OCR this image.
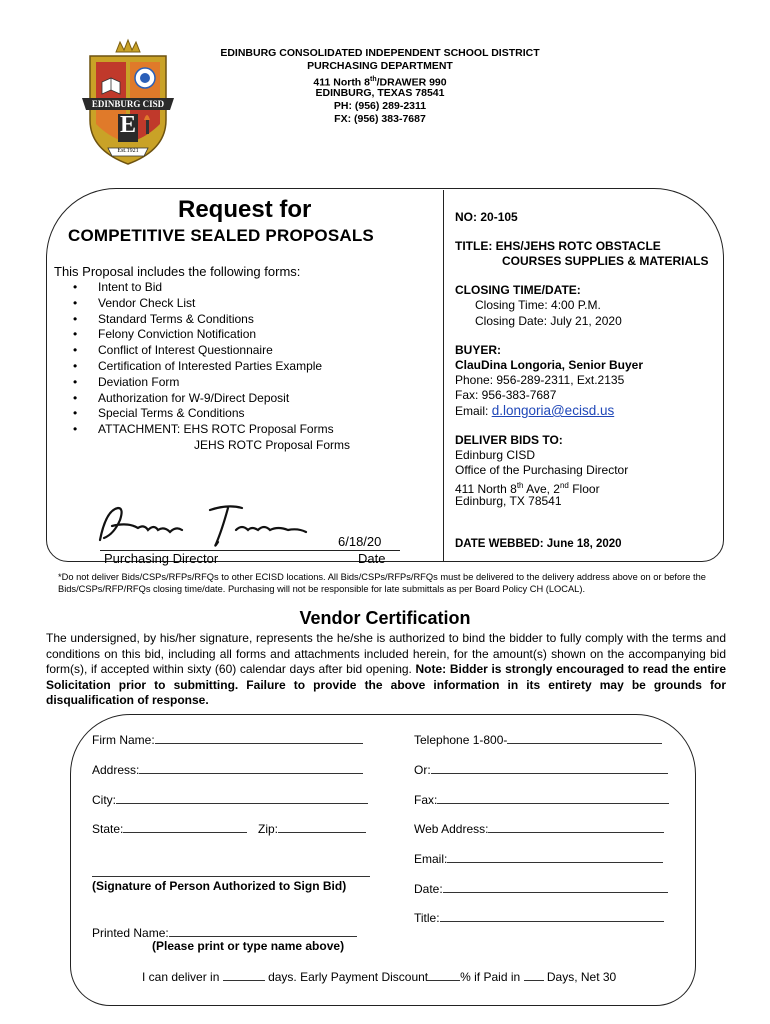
EDINBURG CISD
E
Est.1921
EDINBURG CONSOLIDATED INDEPENDENT SCHOOL DISTRICT
PURCHASING DEPARTMENT
411 North 8th/DRAWER 990
EDINBURG, TEXAS 78541
PH: (956) 289-2311
FX: (956) 383-7687
Request for
COMPETITIVE SEALED PROPOSALS
This Proposal includes the following forms:
• Intent to Bid
• Vendor Check List
• Standard Terms & Conditions
• Felony Conviction Notification
• Conflict of Interest Questionnaire
• Certification of Interested Parties Example
• Deviation Form
• Authorization for W-9/Direct Deposit
• Special Terms & Conditions
• ATTACHMENT: EHS ROTC Proposal Forms
JEHS ROTC Proposal Forms
6/18/20
Purchasing Director	Date
NO: 20-105
TITLE: EHS/JEHS ROTC OBSTACLE
COURSES SUPPLIES & MATERIALS
CLOSING TIME/DATE:
Closing Time: 4:00 P.M.
Closing Date: July 21, 2020
BUYER:
ClauDina Longoria, Senior Buyer
Phone: 956-289-2311, Ext.2135
Fax: 956-383-7687
Email: d.longoria@ecisd.us
DELIVER BIDS TO:
Edinburg CISD
Office of the Purchasing Director
411 North 8th Ave, 2nd Floor
Edinburg, TX 78541
DATE WEBBED: June 18, 2020
*Do not deliver Bids/CSPs/RFPs/RFQs to other ECISD locations. All Bids/CSPs/RFPs/RFQs must be delivered to the delivery address above on or before the Bids/CSPs/RFP/RFQs closing time/date. Purchasing will not be responsible for late submittals as per Board Policy CH (LOCAL).
Vendor Certification
The undersigned, by his/her signature, represents the he/she is authorized to bind the bidder to fully comply with the terms and conditions on this bid, including all forms and attachments included herein, for the amount(s) shown on the accompanying bid form(s), if accepted within sixty (60) calendar days after bid opening. Note: Bidder is strongly encouraged to read the entire Solicitation prior to submitting. Failure to provide the above information in its entirety may be grounds for disqualification of response.
Firm Name:
Address:
City:
State:	Zip:
(Signature of Person Authorized to Sign Bid)
Printed Name:
(Please print or type name above)
Telephone 1-800-
Or:
Fax:
Web Address:
Email:
Date:
Title:
I can deliver in	days. Early Payment Discount	% if Paid in Days, Net 30
